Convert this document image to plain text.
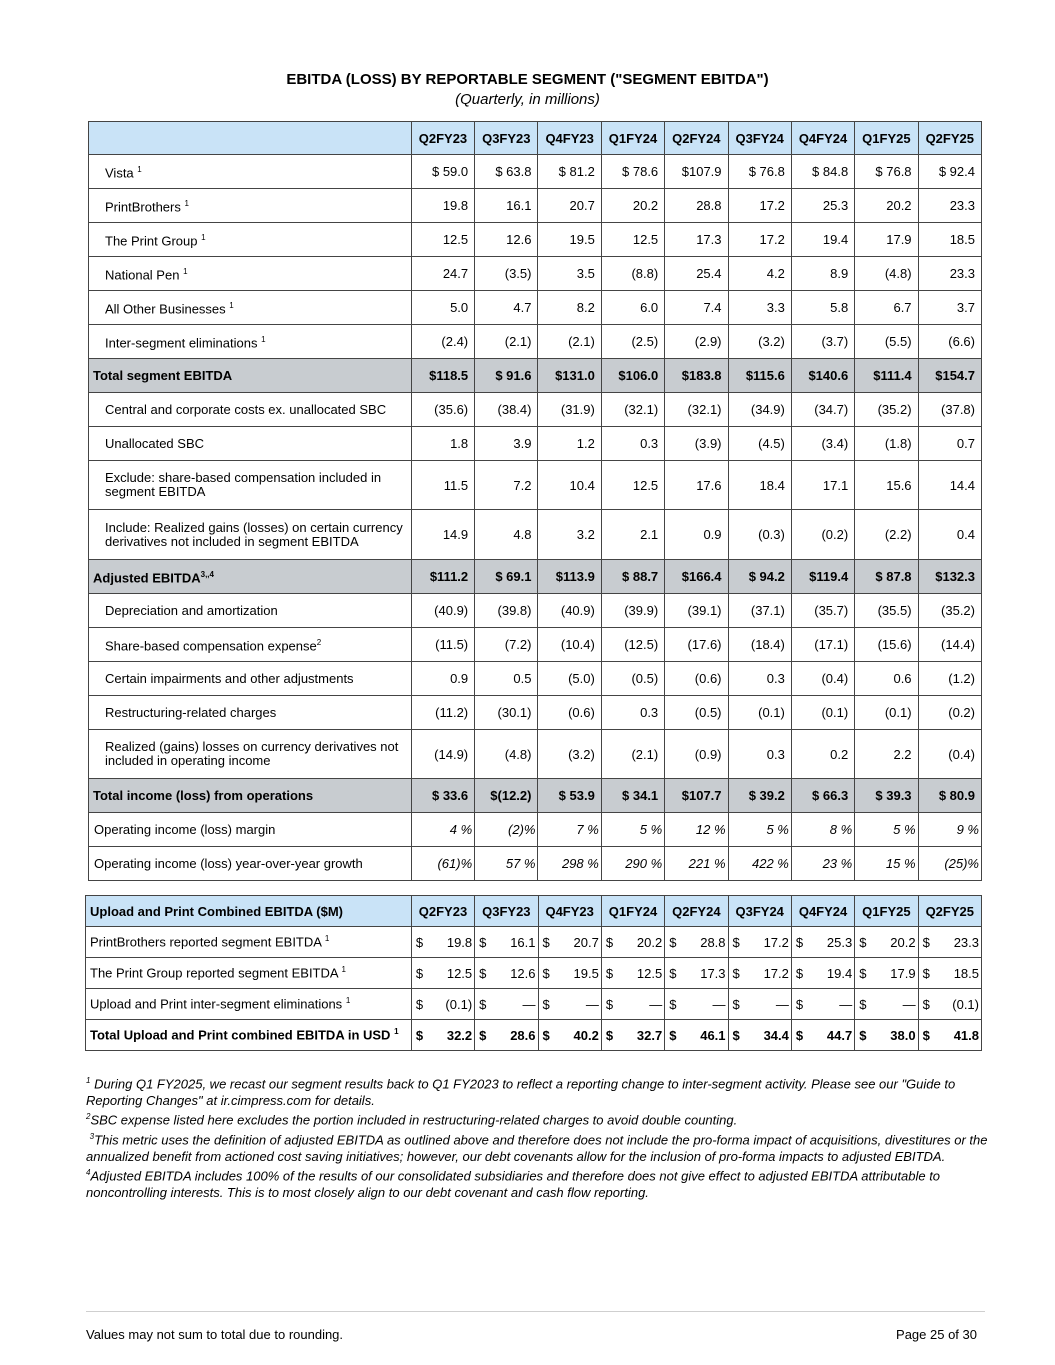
EBITDA (LOSS) BY REPORTABLE SEGMENT ("SEGMENT EBITDA")
(Quarterly, in millions)
	Q2FY23	Q3FY23	Q4FY23	Q1FY24	Q2FY24	Q3FY24	Q4FY24	Q1FY25	Q2FY25
Vista $^1$	$ 59.0	$ 63.8	$ 81.2	$ 78.6	$107.9	$ 76.8	$ 84.8	$ 76.8	$ 92.4
PrintBrothers $^1$	19.8	16.1	20.7	20.2	28.8	17.2	25.3	20.2	23.3
The Print Group $^1$	12.5	12.6	19.5	12.5	17.3	17.2	19.4	17.9	18.5
National Pen $^1$	24.7	(3.5)	3.5	(8.8)	25.4	4.2	8.9	(4.8)	23.3
All Other Businesses $^1$	5.0	4.7	8.2	6.0	7.4	3.3	5.8	6.7	3.7
Inter-segment eliminations $^1$	(2.4)	(2.1)	(2.1)	(2.5)	(2.9)	(3.2)	(3.7)	(5.5)	(6.6)
Total segment EBITDA	$118.5	$ 91.6	$131.0	$106.0	$183.8	$115.6	$140.6	$111.4	$154.7
Central and corporate costs ex. unallocated SBC	(35.6)	(38.4)	(31.9)	(32.1)	(32.1)	(34.9)	(34.7)	(35.2)	(37.8)
Unallocated SBC	1.8	3.9	1.2	0.3	(3.9)	(4.5)	(3.4)	(1.8)	0.7
Exclude: share-based compensation included in segment EBITDA	11.5	7.2	10.4	12.5	17.6	18.4	17.1	15.6	14.4
Include: Realized gains (losses) on certain currency derivatives not included in segment EBITDA	14.9	4.8	3.2	2.1	0.9	(0.3)	(0.2)	(2.2)	0.4
Adjusted $EBITDA^{3,,4}$	$111.2	$ 69.1	$113.9	$ 88.7	$166.4	$ 94.2	$119.4	$ 87.8	$132.3
Depreciation and amortization	(40.9)	(39.8)	(40.9)	(39.9)	(39.1)	(37.1)	(35.7)	(35.5)	(35.2)
Share-based compensation expense$^2$	(11.5)	(7.2)	(10.4)	(12.5)	(17.6)	(18.4)	(17.1)	(15.6)	(14.4)
Certain impairments and other adjustments	0.9	0.5	(5.0)	(0.5)	(0.6)	0.3	(0.4)	0.6	(1.2)
Restructuring-related charges	(11.2)	(30.1)	(0.6)	0.3	(0.5)	(0.1)	(0.1)	(0.1)	(0.2)
Realized (gains) losses on currency derivatives not included in operating income	(14.9)	(4.8)	(3.2)	(2.1)	(0.9)	0.3	0.2	2.2	(0.4)
Total income (loss) from operations	$ 33.6	$(12.2)	$ 53.9	$ 34.1	$107.7	$ 39.2	$ 66.3	$ 39.3	$ 80.9
Operating income (loss) margin	4 %	(2)%	7 %	5 %	12 %	5 %	8 %	5 %	9 %
Operating income (loss) year-over-year growth	(61)%	57 %	298 %	290 %	221 %	422 %	23 %	15 %	(25)%
Upload and Print Combined EBITDA ($M)	Q2FY23	Q3FY23	Q4FY23	Q1FY24	Q2FY24	Q3FY24	Q4FY24	Q1FY25	Q2FY25
PrintBrothers reported segment EBITDA $^1$	$ 19.8	$ 16.1	$ 20.7	$ 20.2	$ 28.8	$ 17.2	$ 25.3	$ 20.2	$ 23.3
The Print Group reported segment EBITDA $^1$	$ 12.5	$ 12.6	$ 19.5	$ 12.5	$ 17.3	$ 17.2	$ 19.4	$ 17.9	$ 18.5
Upload and Print inter-segment eliminations $^1$	$ (0.1)	$ —	$ —	$ —	$ —	$ —	$ —	$ —	$ (0.1)
Total Upload and Print combined EBITDA in USD $^1$	$ 32.2	$ 28.6	$ 40.2	$ 32.7	$ 46.1	$ 34.4	$ 44.7	$ 38.0	$ 41.8

$^1$ During Q1 FY2025, we recast our segment results back to Q1 FY2023 to reflect a reporting change to inter-segment activity. Please see our "Guide to Reporting Changes" at ir.cimpress.com for details.

$^2$SBC expense listed here excludes the portion included in restructuring-related charges to avoid double counting.

$^3$This metric uses the definition of adjusted EBITDA as outlined above and therefore does not include the pro-forma impact of acquisitions, divestitures or the annualized benefit from actioned cost saving initiatives; however, our debt covenants allow for the inclusion of pro-forma impacts to adjusted EBITDA.

$^4$Adjusted EBITDA includes 100% of the results of our consolidated subsidiaries and therefore does not give effect to adjusted EBITDA attributable to noncontrolling interests. This is to most closely align to our debt covenant and cash flow reporting.

Values may not sum to total due to rounding.	Page 25 of 30
